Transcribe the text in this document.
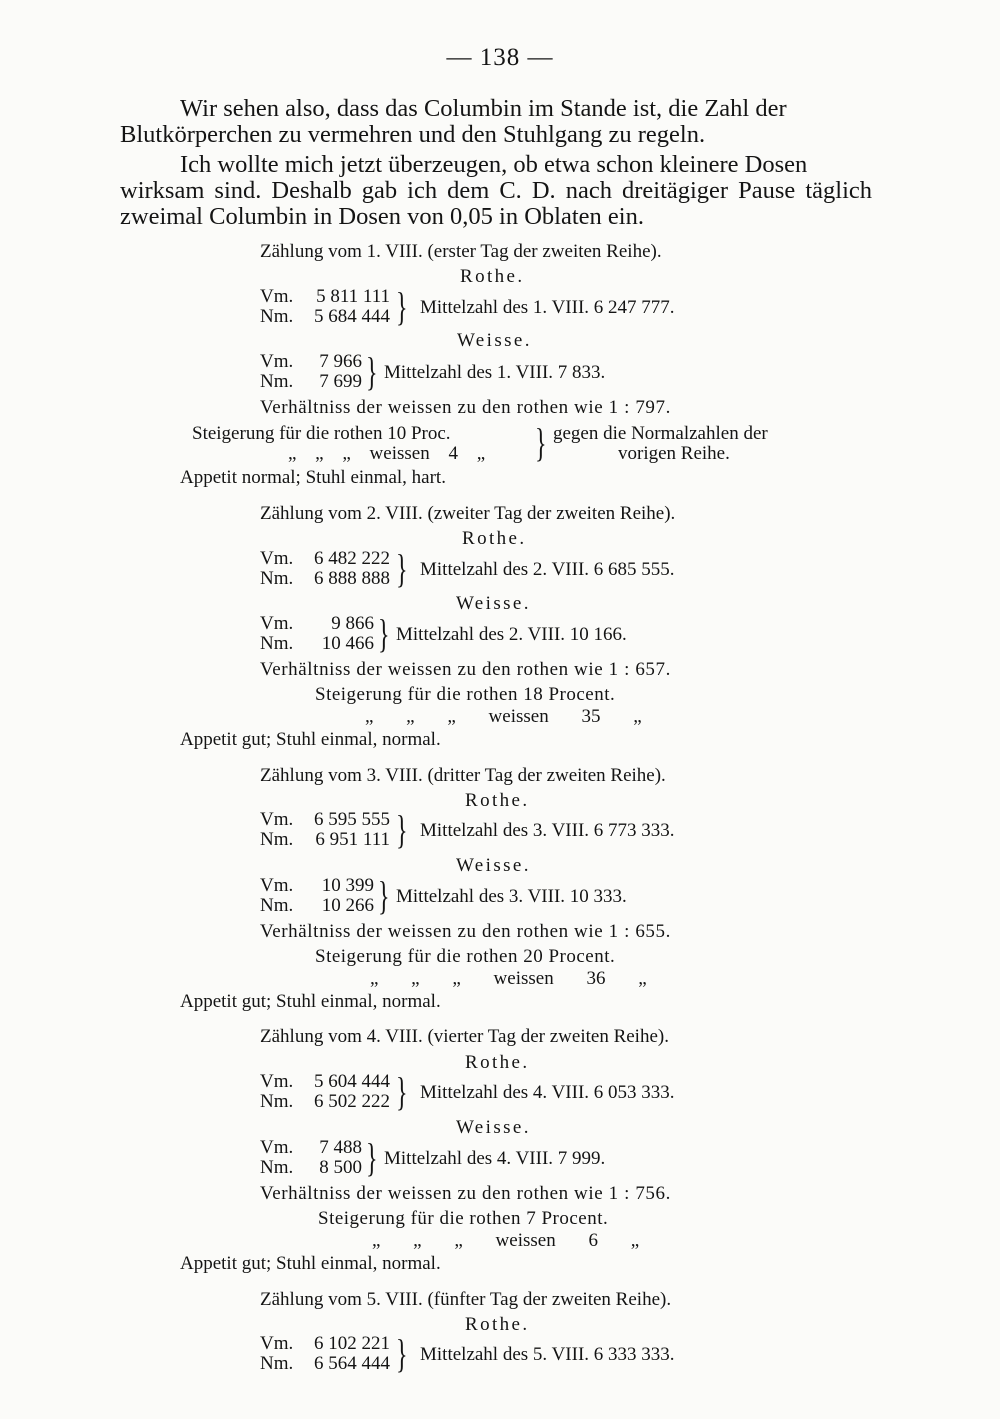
— 138 —

Wir sehen also, dass das Columbin im Stande ist, die Zahl der
Blutkörperchen zu vermehren und den Stuhlgang zu regeln.

Ich wollte mich jetzt überzeugen, ob etwa schon kleinere Dosen
wirksam sind. Deshalb gab ich dem C. D. nach dreitägiger Pause täglich zweimal Columbin in Dosen von 0,05 in Oblaten ein.

Zählung vom 1. VIII. (erster Tag der zweiten Reihe).
Rothe.
Vm.
Nm.
5 811 111
5 684 444 } Mittelzahl des 1. VIII. 6 247 777.
Weisse.
Vm.
Nm.
7 966
7 699 } Mittelzahl des 1. VIII. 7 833.
Verhältniss der weissen zu den rothen wie 1 : 797.
Steigerung für die rothen 10 Proc.
„ „ „ weissen 4 „ } gegen die Normalzahlen der
vorigen Reihe.
Appetit normal; Stuhl einmal, hart.
Zählung vom 2. VIII. (zweiter Tag der zweiten Reihe).
Rothe.
Vm.
Nm.
6 482 222
6 888 888 } Mittelzahl des 2. VIII. 6 685 555.
Weisse.
Vm.
Nm.
9 866
10 466 } Mittelzahl des 2. VIII. 10 166.
Verhältniss der weissen zu den rothen wie 1 : 657.
Steigerung für die rothen 18 Procent.
„ „ „ weissen 35 „
Appetit gut; Stuhl einmal, normal.
Zählung vom 3. VIII. (dritter Tag der zweiten Reihe).
Rothe.
Vm.
Nm.
6 595 555
6 951 111 } Mittelzahl des 3. VIII. 6 773 333.
Weisse.
Vm.
Nm.
10 399
10 266 } Mittelzahl des 3. VIII. 10 333.
Verhältniss der weissen zu den rothen wie 1 : 655.
Steigerung für die rothen 20 Procent.
„ „ „ weissen 36 „
Appetit gut; Stuhl einmal, normal.
Zählung vom 4. VIII. (vierter Tag der zweiten Reihe).
Rothe.
Vm.
Nm.
5 604 444
6 502 222 } Mittelzahl des 4. VIII. 6 053 333.
Weisse.
Vm.
Nm.
7 488
8 500 } Mittelzahl des 4. VIII. 7 999.
Verhältniss der weissen zu den rothen wie 1 : 756.
Steigerung für die rothen 7 Procent.
„ „ „ weissen 6 „
Appetit gut; Stuhl einmal, normal.
Zählung vom 5. VIII. (fünfter Tag der zweiten Reihe).
Rothe.
Vm.
Nm.
6 102 221
6 564 444 } Mittelzahl des 5. VIII. 6 333 333.
